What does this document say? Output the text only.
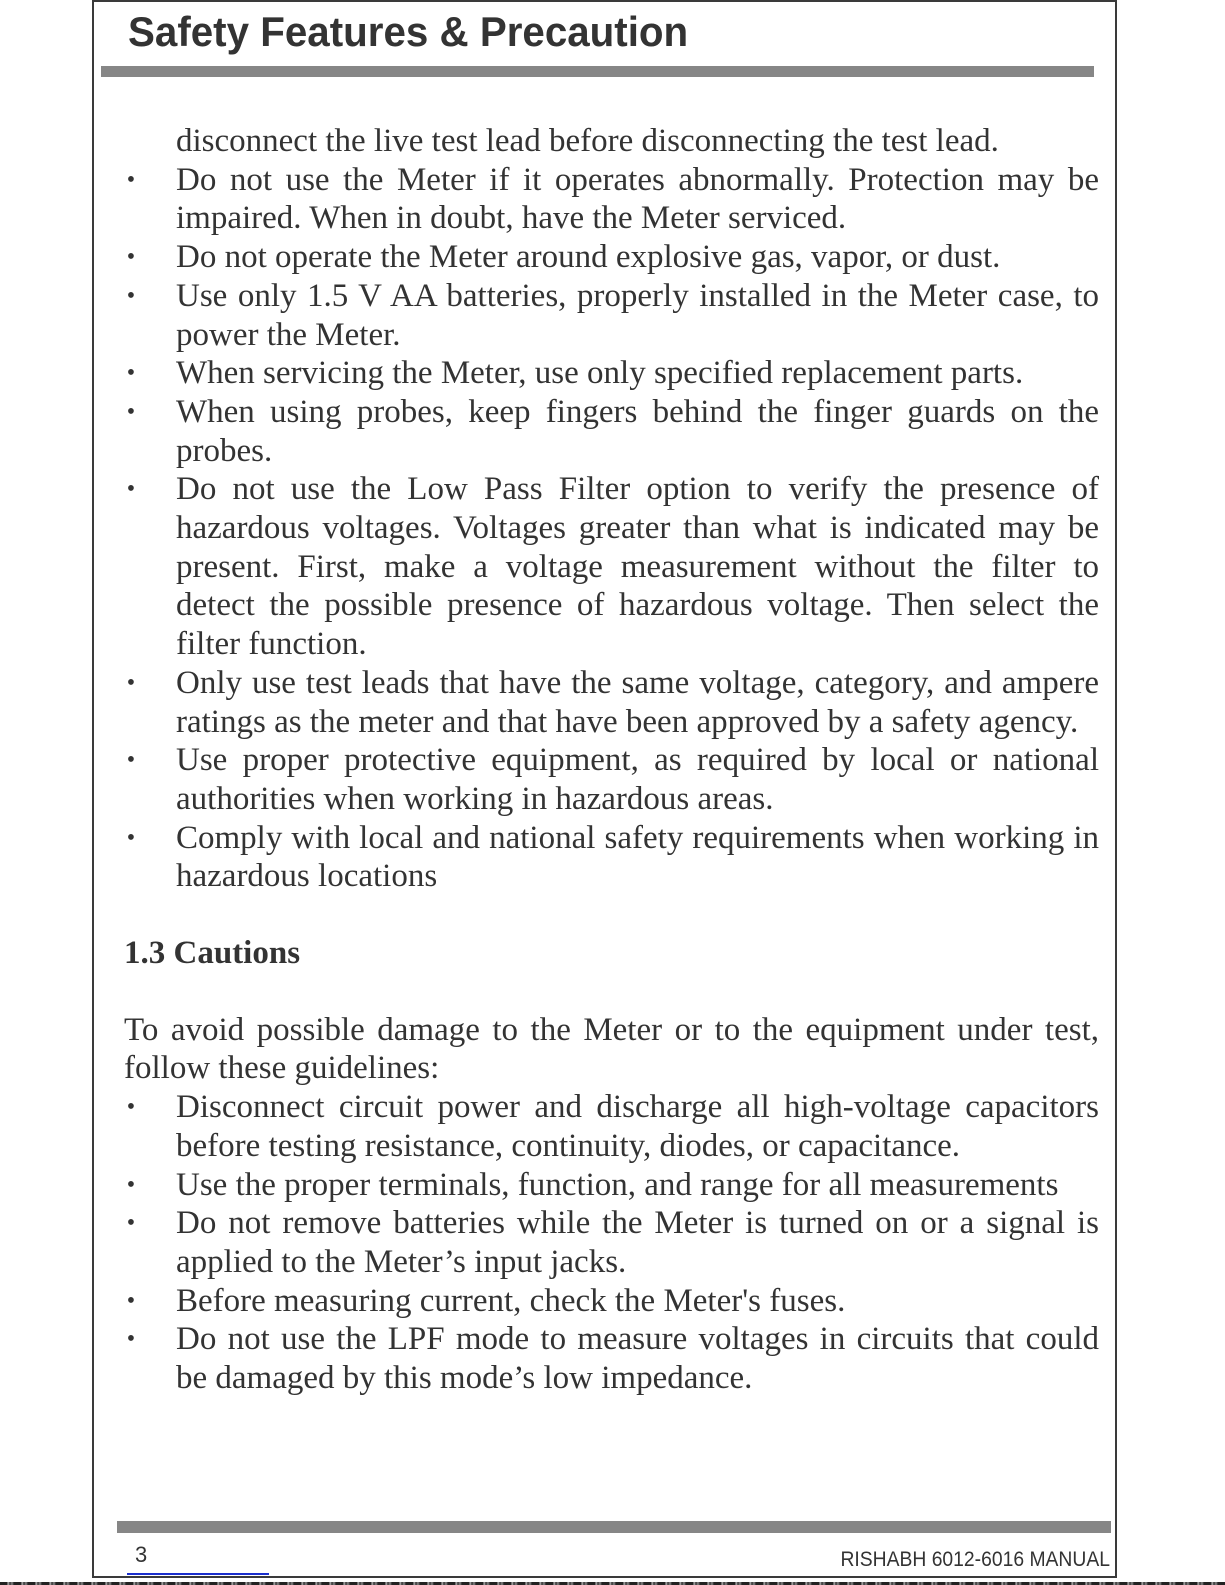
Safety Features & Precaution

disconnect the live test lead before disconnecting the test lead.

• Do not use the Meter if it operates abnormally. Protection may be impaired. When in doubt, have the Meter serviced.
• Do not operate the Meter around explosive gas, vapor, or dust.
• Use only 1.5 V AA batteries, properly installed in the Meter case, to power the Meter.
• When servicing the Meter, use only specified replacement parts.
• When using probes, keep fingers behind the finger guards on the probes.
• Do not use the Low Pass Filter option to verify the presence of hazardous voltages. Voltages greater than what is indicated may be present. First, make a voltage measurement without the filter to detect the possible presence of hazardous voltage. Then select the filter function.
• Only use test leads that have the same voltage, category, and ampere ratings as the meter and that have been approved by a safety agency.
• Use proper protective equipment, as required by local or national authorities when working in hazardous areas.
• Comply with local and national safety requirements when working in hazardous locations
1.3 Cautions

To avoid possible damage to the Meter or to the equipment under test, follow these guidelines:

• Disconnect circuit power and discharge all high-voltage capacitors before testing resistance, continuity, diodes, or capacitance.
• Use the proper terminals, function, and range for all measurements
• Do not remove batteries while the Meter is turned on or a signal is applied to the Meter’s input jacks.
• Before measuring current, check the Meter's fuses.
• Do not use the LPF mode to measure voltages in circuits that could be damaged by this mode’s low impedance.
3	RISHABH 6012-6016 MANUAL
